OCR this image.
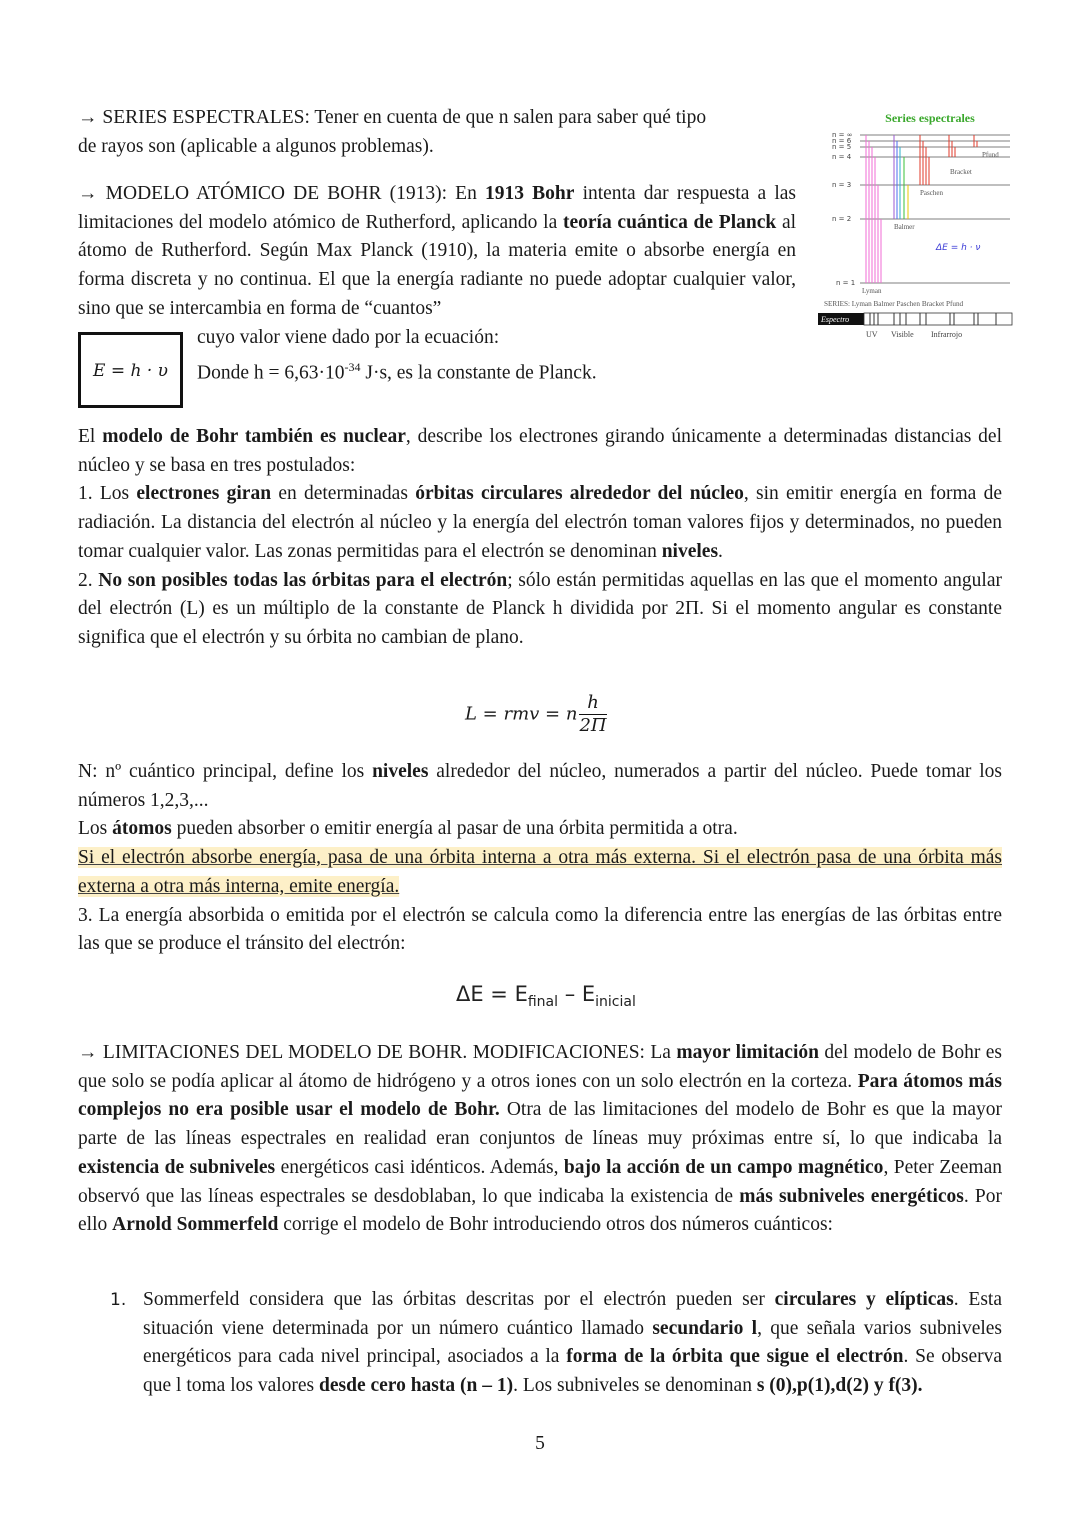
→ SERIES ESPECTRALES: Tener en cuenta de que n salen para saber qué tipo
de rayos son (aplicable a algunos problemas).
→ MODELO ATÓMICO DE BOHR (1913): En 1913 Bohr intenta dar respuesta a las limitaciones del modelo atómico de Rutherford, aplicando la teoría cuántica de Planck al átomo de Rutherford. Según Max Planck (1910), la materia emite o absorbe energía en forma discreta y no continua. El que la energía radiante no puede adoptar cualquier valor, sino que se intercambia en forma de “cuantos”
E = h · υ
cuyo valor viene dado por la ecuación:
Donde $h = 6,63\cdot 10^{-34}$ J·s, es la constante de Planck.
Series espectrales
n = ∞
n = 6
n = 5
n = 4
n = 3
n = 2
n = 1
Balmer
Paschen
Bracket
Pfund
ΔE = h · ν
Lyman
SERIES: Lyman Balmer Paschen Bracket Pfund
Espectro
UV Visible Infrarrojo
El modelo de Bohr también es nuclear, describe los electrones girando únicamente a determinadas distancias del núcleo y se basa en tres postulados:
1. Los electrones giran en determinadas órbitas circulares alrededor del núcleo, sin emitir energía en forma de radiación. La distancia del electrón al núcleo y la energía del electrón toman valores fijos y determinados, no pueden tomar cualquier valor. Las zonas permitidas para el electrón se denominan niveles.
2. No son posibles todas las órbitas para el electrón; sólo están permitidas aquellas en las que el momento angular del electrón (L) es un múltiplo de la constante de Planck h dividida por 2Π. Si el momento angular es constante significa que el electrón y su órbita no cambian de plano.
L = rmv = n $\frac{h}{2\Pi}$
N: nº cuántico principal, define los niveles alrededor del núcleo, numerados a partir del núcleo. Puede tomar los números 1,2,3,...
Los átomos pueden absorber o emitir energía al pasar de una órbita permitida a otra.
Si el electrón absorbe energía, pasa de una órbita interna a otra más externa. Si el electrón pasa de una órbita más externa a otra más interna, emite energía.
3. La energía absorbida o emitida por el electrón se calcula como la diferencia entre las energías de las órbitas entre las que se produce el tránsito del electrón:
$\Delta E = E_{final} - E_{inicial}$
→ LIMITACIONES DEL MODELO DE BOHR. MODIFICACIONES: La mayor limitación del modelo de Bohr es que solo se podía aplicar al átomo de hidrógeno y a otros iones con un solo electrón en la corteza. Para átomos más complejos no era posible usar el modelo de Bohr. Otra de las limitaciones del modelo de Bohr es que la mayor parte de las líneas espectrales en realidad eran conjuntos de líneas muy próximas entre sí, lo que indicaba la existencia de subniveles energéticos casi idénticos. Además, bajo la acción de un campo magnético, Peter Zeeman observó que las líneas espectrales se desdoblaban, lo que indicaba la existencia de más subniveles energéticos. Por ello Arnold Sommerfeld corrige el modelo de Bohr introduciendo otros dos números cuánticos:
1. Sommerfeld considera que las órbitas descritas por el electrón pueden ser circulares y elípticas. Esta situación viene determinada por un número cuántico llamado secundario l, que señala varios subniveles energéticos para cada nivel principal, asociados a la forma de la órbita que sigue el electrón. Se observa que l toma los valores desde cero hasta (n – 1). Los subniveles se denominan s (0),p(1),d(2) y f(3).
5
